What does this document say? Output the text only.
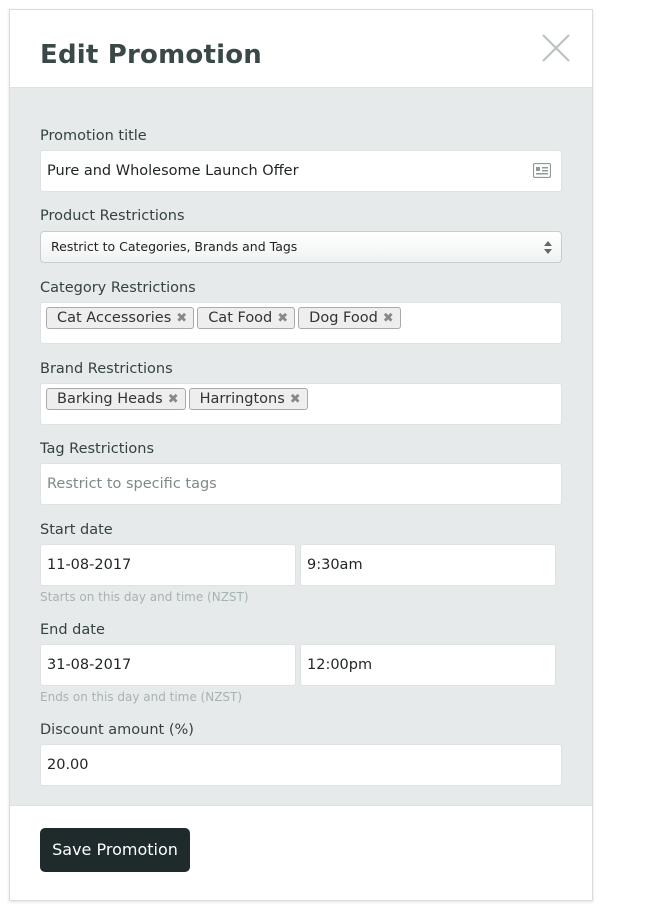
Edit Promotion
Promotion title
Pure and Wholesome Launch Offer
Product Restrictions
Restrict to Categories, Brands and Tags
Category Restrictions
Cat Accessories ✖ Cat Food ✖ Dog Food ✖
Brand Restrictions
Barking Heads ✖ Harringtons ✖
Tag Restrictions
Restrict to specific tags
Start date
11-08-2017	9:30am
Starts on this day and time (NZST)
End date
31-08-2017	12:00pm
Ends on this day and time (NZST)
Discount amount (%)
20.00
Save Promotion
